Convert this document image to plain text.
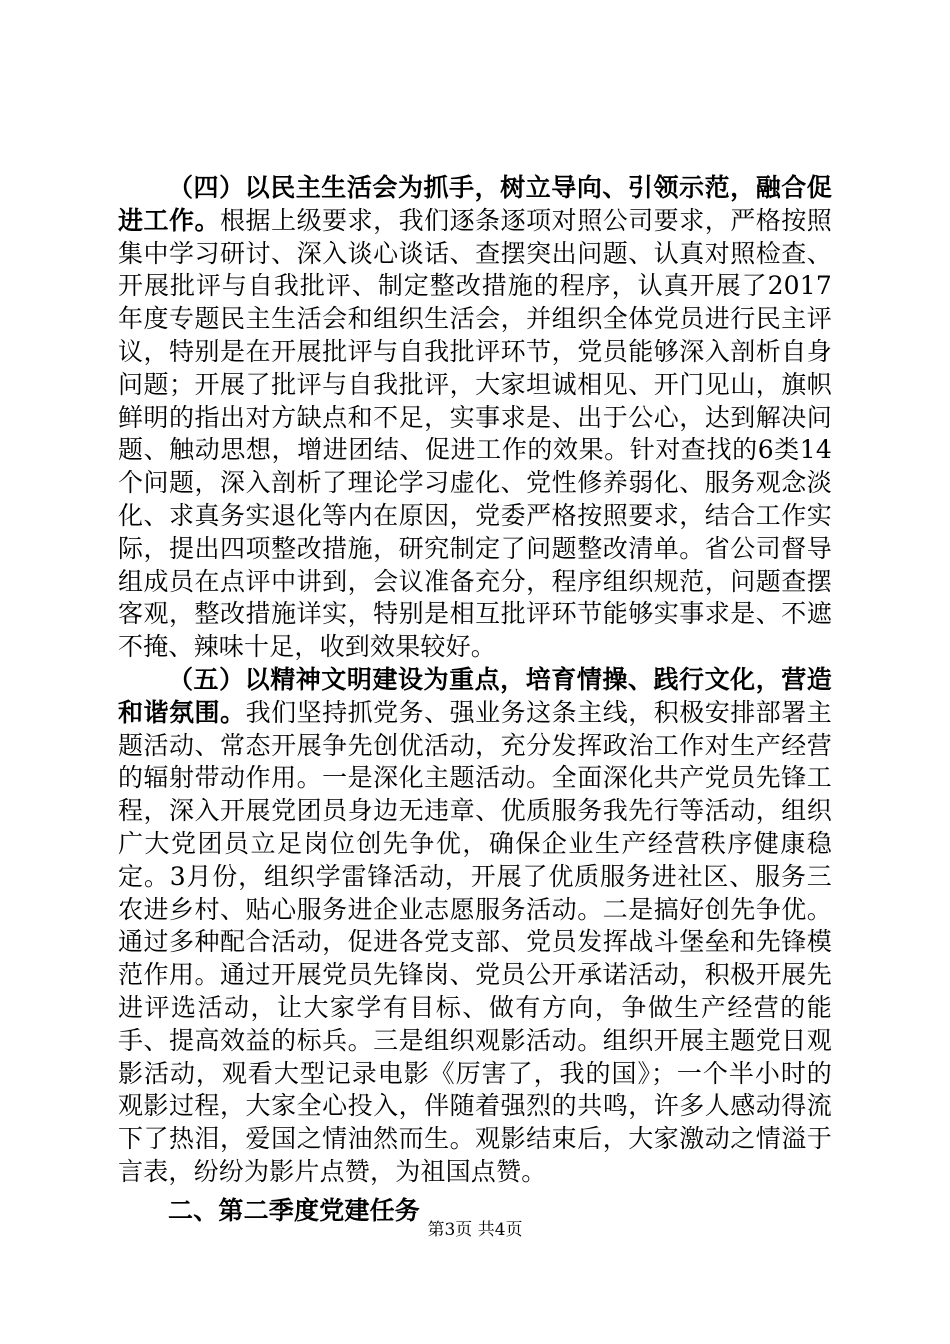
（四）以民主生活会为抓手，树立导向、引领示范，融合促进工作。根据上级要求，我们逐条逐项对照公司要求，严格按照集中学习研讨、深入谈心谈话、查摆突出问题、认真对照检查、开展批评与自我批评、制定整改措施的程序，认真开展了2017年度专题民主生活会和组织生活会，并组织全体党员进行民主评议，特别是在开展批评与自我批评环节，党员能够深入剖析自身问题；开展了批评与自我批评，大家坦诚相见、开门见山，旗帜鲜明的指出对方缺点和不足，实事求是、出于公心，达到解决问题、触动思想，增进团结、促进工作的效果。针对查找的6类14个问题，深入剖析了理论学习虚化、党性修养弱化、服务观念淡化、求真务实退化等内在原因，党委严格按照要求，结合工作实际，提出四项整改措施，研究制定了问题整改清单。省公司督导组成员在点评中讲到，会议准备充分，程序组织规范，问题查摆客观，整改措施详实，特别是相互批评环节能够实事求是、不遮不掩、辣味十足，收到效果较好。

（五）以精神文明建设为重点，培育情操、践行文化，营造和谐氛围。我们坚持抓党务、强业务这条主线，积极安排部署主题活动、常态开展争先创优活动，充分发挥政治工作对生产经营的辐射带动作用。一是深化主题活动。全面深化共产党员先锋工程，深入开展党团员身边无违章、优质服务我先行等活动，组织广大党团员立足岗位创先争优，确保企业生产经营秩序健康稳定。3月份，组织学雷锋活动，开展了优质服务进社区、服务三农进乡村、贴心服务进企业志愿服务活动。二是搞好创先争优。通过多种配合活动，促进各党支部、党员发挥战斗堡垒和先锋模范作用。通过开展党员先锋岗、党员公开承诺活动，积极开展先进评选活动，让大家学有目标、做有方向，争做生产经营的能手、提高效益的标兵。三是组织观影活动。组织开展主题党日观影活动，观看大型记录电影《厉害了，我的国》；一个半小时的观影过程，大家全心投入，伴随着强烈的共鸣，许多人感动得流下了热泪，爱国之情油然而生。观影结束后，大家激动之情溢于言表，纷纷为影片点赞，为祖国点赞。

二、第二季度党建任务

第3页 共4页
